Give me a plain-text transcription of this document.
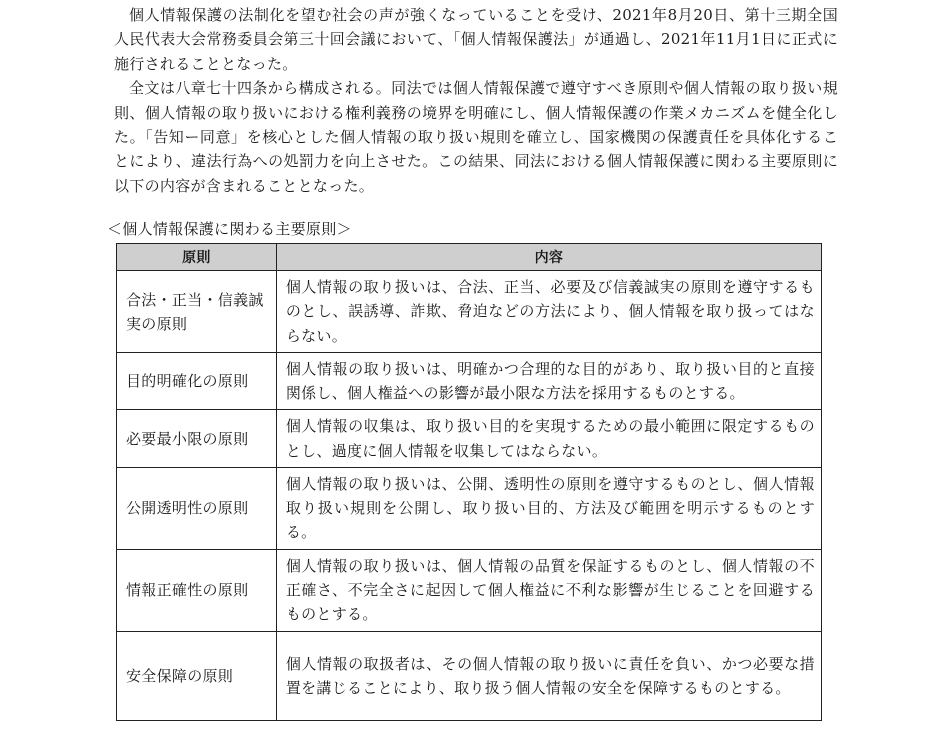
個人情報保護の法制化を望む社会の声が強くなっていることを受け、2021年8月20日、第十三期全国人民代表大会常務委員会第三十回会議において、「個人情報保護法」が通過し、2021年11月1日に正式に施行されることとなった。

全文は八章七十四条から構成される。同法では個人情報保護で遵守すべき原則や個人情報の取り扱い規則、個人情報の取り扱いにおける権利義務の境界を明確にし、個人情報保護の作業メカニズムを健全化した。「告知ー同意」を核心とした個人情報の取り扱い規則を確立し、国家機関の保護責任を具体化することにより、違法行為への処罰力を向上させた。この結果、同法における個人情報保護に関わる主要原則に以下の内容が含まれることとなった。

＜個人情報保護に関わる主要原則＞
原則	内容
合法・正当・信義誠実の原則	個人情報の取り扱いは、合法、正当、必要及び信義誠実の原則を遵守するものとし、誤誘導、詐欺、脅迫などの方法により、個人情報を取り扱ってはならない。
目的明確化の原則	個人情報の取り扱いは、明確かつ合理的な目的があり、取り扱い目的と直接関係し、個人権益への影響が最小限な方法を採用するものとする。
必要最小限の原則	個人情報の収集は、取り扱い目的を実現するための最小範囲に限定するものとし、過度に個人情報を収集してはならない。
公開透明性の原則	個人情報の取り扱いは、公開、透明性の原則を遵守するものとし、個人情報取り扱い規則を公開し、取り扱い目的、方法及び範囲を明示するものとする。
情報正確性の原則	個人情報の取り扱いは、個人情報の品質を保証するものとし、個人情報の不正確さ、不完全さに起因して個人権益に不利な影響が生じることを回避するものとする。
安全保障の原則	個人情報の取扱者は、その個人情報の取り扱いに責任を負い、かつ必要な措置を講じることにより、取り扱う個人情報の安全を保障するものとする。
